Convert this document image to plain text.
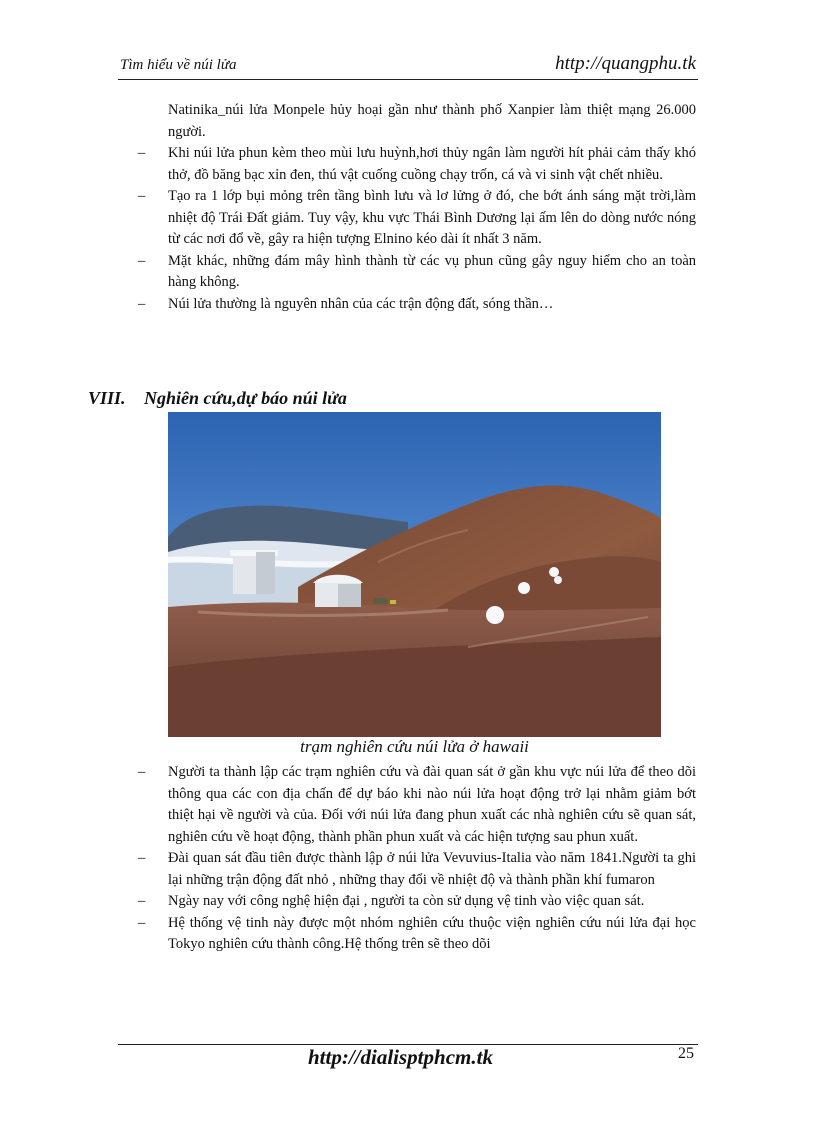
Tìm hiểu về núi lửa	http://quangphu.tk
Natinika_núi lửa Monpele hủy hoại gần như thành phố Xanpier làm thiệt mạng 26.000 người.
– Khi núi lửa phun kèm theo mùi lưu huỳnh,hơi thủy ngân làm người hít phải cảm thấy khó thở, đồ băng bạc xỉn đen, thú vật cuống cuồng chạy trốn, cá và vi sinh vật chết nhiều.
– Tạo ra 1 lớp bụi mỏng trên tầng bình lưu và lơ lửng ở đó, che bớt ánh sáng mặt trời,làm nhiệt độ Trái Đất giảm. Tuy vậy, khu vực Thái Bình Dương lại ấm lên do dòng nước nóng từ các nơi đổ về, gây ra hiện tượng Elnino kéo dài ít nhất 3 năm.
– Mặt khác, những đám mây hình thành từ các vụ phun cũng gây nguy hiểm cho an toàn hàng không.
– Núi lửa thường là nguyên nhân của các trận động đất, sóng thần…
VIII. Nghiên cứu,dự báo núi lửa
trạm nghiên cứu núi lửa ở hawaii
– Người ta thành lập các trạm nghiên cứu và đài quan sát ở gần khu vực núi lửa để theo dõi thông qua các con địa chấn để dự báo khi nào núi lửa hoạt động trở lại nhằm giảm bớt thiệt hại về người và của. Đối với núi lửa đang phun xuất các nhà nghiên cứu sẽ quan sát, nghiên cứu về hoạt động, thành phần phun xuất và các hiện tượng sau phun xuất.
– Đài quan sát đầu tiên được thành lập ở núi lửa Vevuvius-Italia vào năm 1841.Người ta ghi lại những trận động đất nhỏ , những thay đổi về nhiệt độ và thành phần khí fumaron
– Ngày nay với công nghệ hiện đại , người ta còn sử dụng vệ tinh vào việc quan sát.
– Hệ thống vệ tinh này được một nhóm nghiên cứu thuộc viện nghiên cứu núi lửa đại học Tokyo nghiên cứu thành công.Hệ thống trên sẽ theo dõi
http://dialisptphcm.tk	25
